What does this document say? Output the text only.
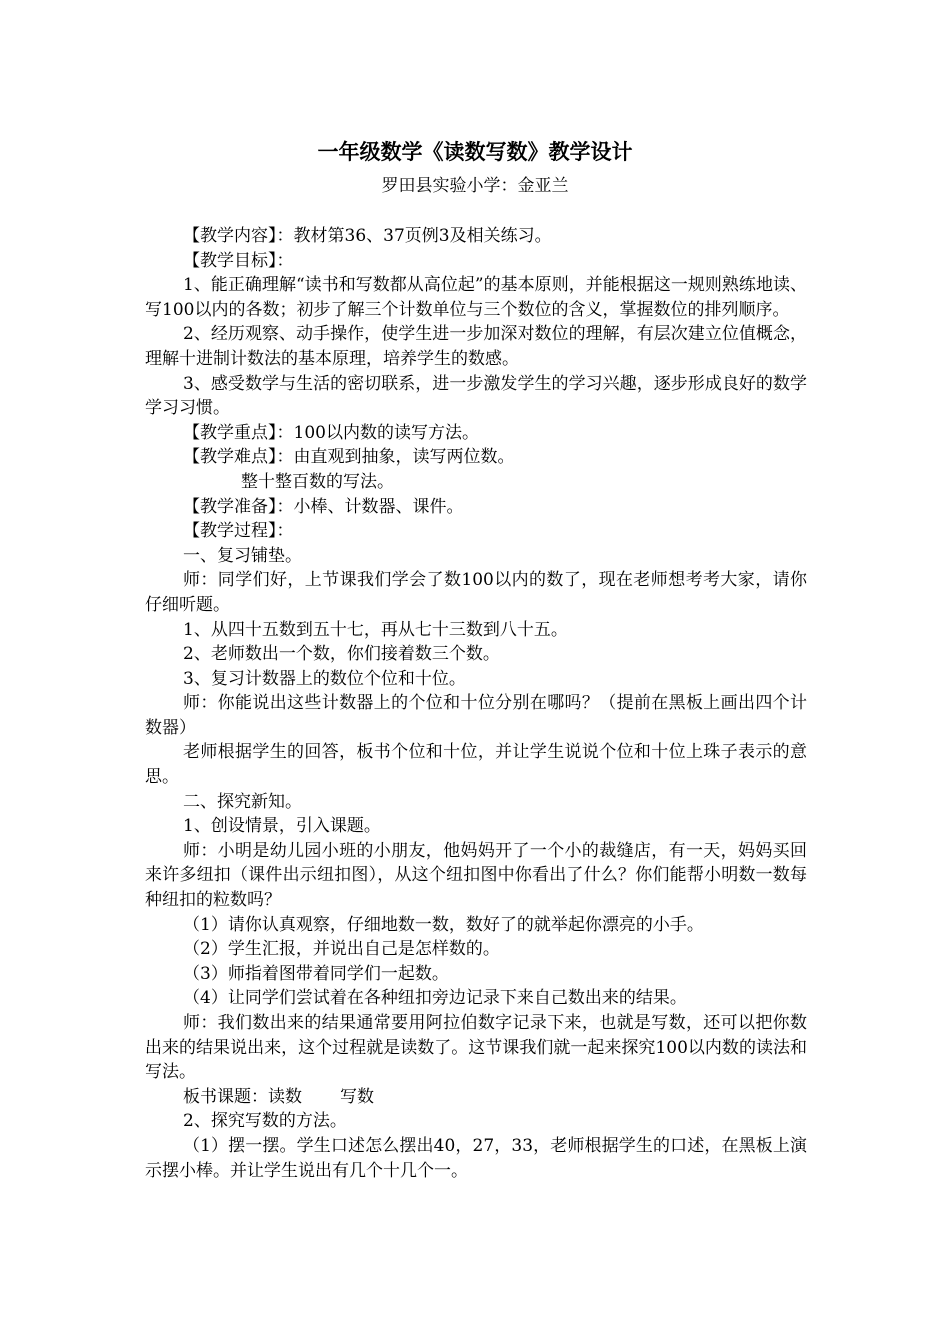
一年级数学《读数写数》教学设计
罗田县实验小学：金亚兰

【教学内容】：教材第36、37页例3及相关练习。

【教学目标】：

1、能正确理解“读书和写数都从高位起”的基本原则，并能根据这一规则熟练地读、写100以内的各数；初步了解三个计数单位与三个数位的含义，掌握数位的排列顺序。

2、经历观察、动手操作，使学生进一步加深对数位的理解，有层次建立位值概念，理解十进制计数法的基本原理，培养学生的数感。

3、感受数学与生活的密切联系，进一步激发学生的学习兴趣，逐步形成良好的数学学习习惯。

【教学重点】：100以内数的读写方法。

【教学难点】：由直观到抽象，读写两位数。

整十整百数的写法。

【教学准备】：小棒、计数器、课件。

【教学过程】：

一、复习铺垫。

师：同学们好，上节课我们学会了数100以内的数了，现在老师想考考大家，请你仔细听题。

1、从四十五数到五十七，再从七十三数到八十五。

2、老师数出一个数，你们接着数三个数。

3、复习计数器上的数位个位和十位。

师：你能说出这些计数器上的个位和十位分别在哪吗？（提前在黑板上画出四个计数器）

老师根据学生的回答，板书个位和十位，并让学生说说个位和十位上珠子表示的意思。

二、探究新知。

1、创设情景，引入课题。

师：小明是幼儿园小班的小朋友，他妈妈开了一个小的裁缝店，有一天，妈妈买回来许多纽扣（课件出示纽扣图），从这个纽扣图中你看出了什么？你们能帮小明数一数每种纽扣的粒数吗？

（1）请你认真观察，仔细地数一数，数好了的就举起你漂亮的小手。

（2）学生汇报，并说出自己是怎样数的。

（3）师指着图带着同学们一起数。

（4）让同学们尝试着在各种纽扣旁边记录下来自己数出来的结果。

师：我们数出来的结果通常要用阿拉伯数字记录下来，也就是写数，还可以把你数出来的结果说出来，这个过程就是读数了。这节课我们就一起来探究100以内数的读法和写法。

板书课题：读数 写数

2、探究写数的方法。

（1）摆一摆。学生口述怎么摆出40，27，33，老师根据学生的口述，在黑板上演示摆小棒。并让学生说出有几个十几个一。
